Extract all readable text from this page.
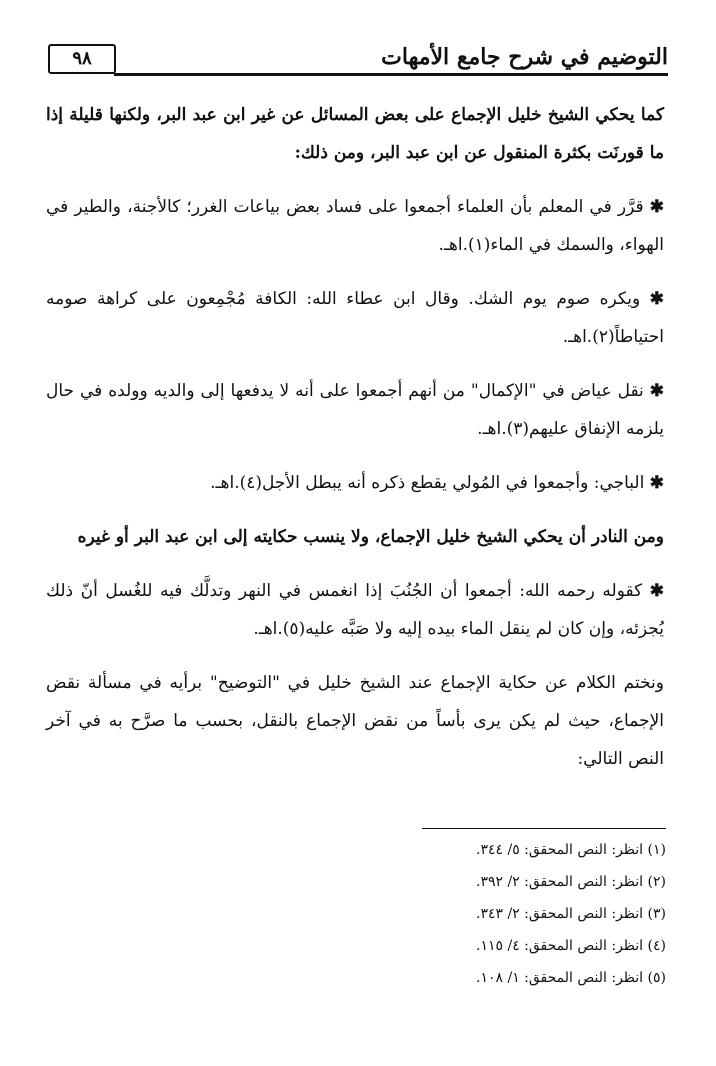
٩٨	التوضيم في شرح جامع الأمهات

كما يحكي الشيخ خليل الإجماع على بعض المسائل عن غير ابن عبد البر، ولكنها قليلة إذا ما قورنَت بكثرة المنقول عن ابن عبد البر، ومن ذلك:

✱ قرَّر في المعلم بأن العلماء أجمعوا على فساد بعض بياعات الغرر؛ كالأجنة، والطير في الهواء، والسمك في الماء(١).اهـ.

✱ ويكره صوم يوم الشك. وقال ابن عطاء الله: الكافة مُجْمِعون على كراهة صومه احتياطاً(٢).اهـ.

✱ نقل عياض في "الإكمال" من أنهم أجمعوا على أنه لا يدفعها إلى والديه وولده في حال يلزمه الإنفاق عليهم(٣).اهـ.

✱ الباجي: وأجمعوا في المُولي يقطع ذكره أنه يبطل الأجل(٤).اهـ.

ومن النادر أن يحكي الشيخ خليل الإجماع، ولا ينسب حكايته إلى ابن عبد البر أو غيره

✱ كقوله رحمه الله: أجمعوا أن الجُنُبَ إذا انغمس في النهر وتدلَّك فيه للغُسل أنّ ذلك يُجزئه، وإن كان لم ينقل الماء بيده إليه ولا صَبَّه عليه(٥).اهـ.

ونختم الكلام عن حكاية الإجماع عند الشيخ خليل في "التوضيح" برأيه في مسألة نقض الإجماع، حيث لم يكن يرى بأساً من نقض الإجماع بالنقل، بحسب ما صرَّح به في آخر النص التالي:

(١) انظر: النص المحقق: ٥/ ٣٤٤.
(٢) انظر: النص المحقق: ٢/ ٣٩٢.
(٣) انظر: النص المحقق: ٢/ ٣٤٣.
(٤) انظر: النص المحقق: ٤/ ١١٥.
(٥) انظر: النص المحقق: ١/ ١٠٨.
